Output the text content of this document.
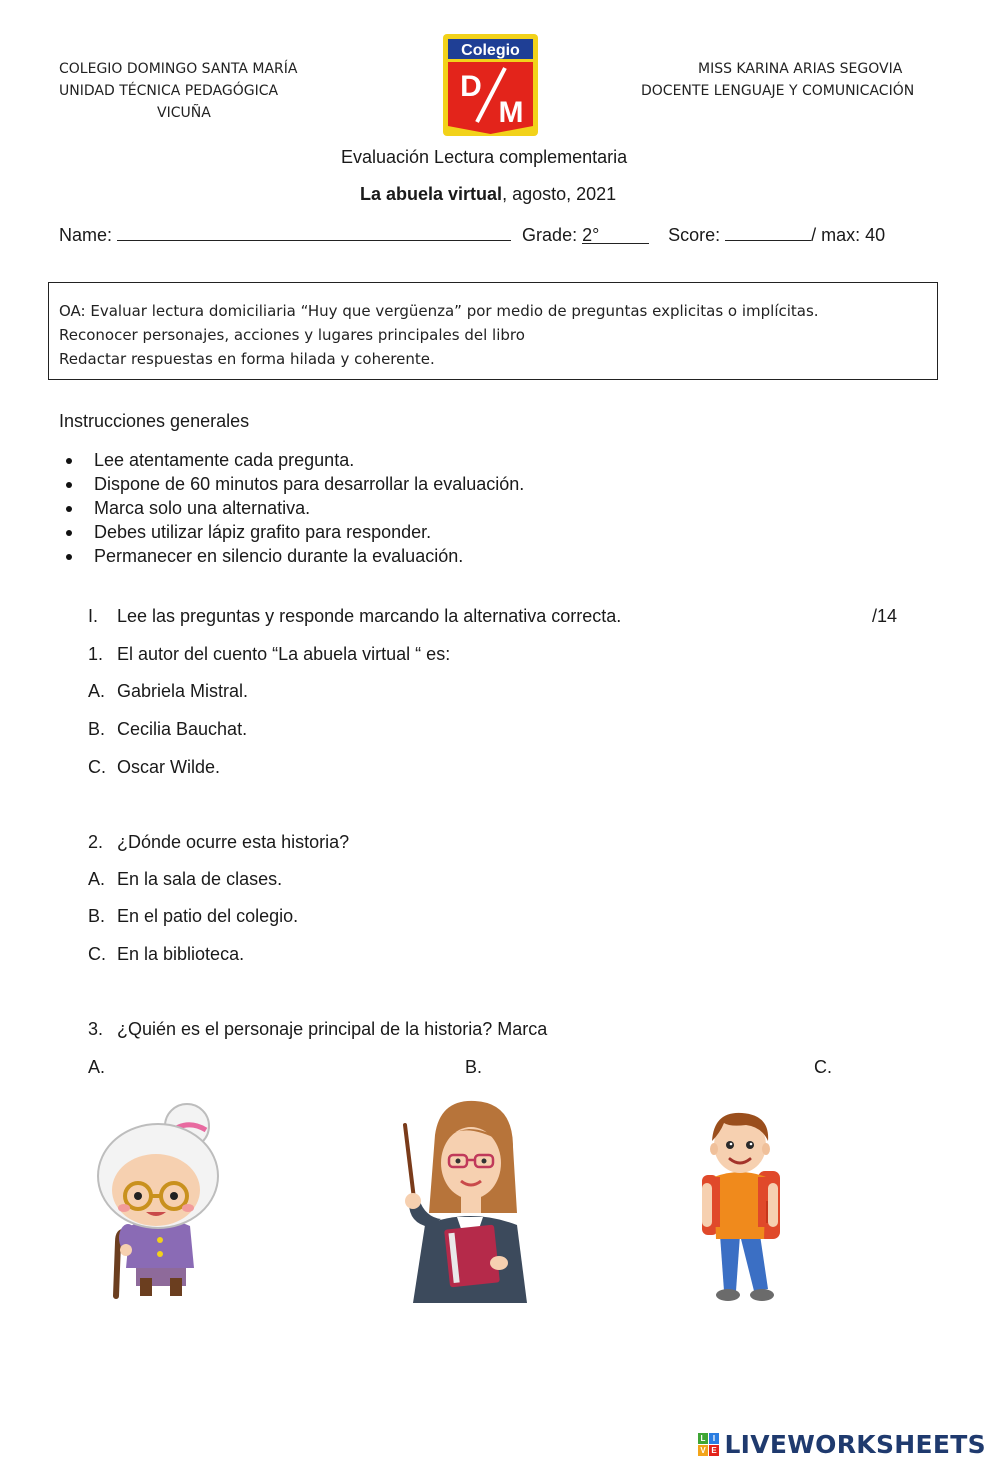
COLEGIO DOMINGO SANTA MARÍA
UNIDAD TÉCNICA PEDAGÓGICA
VICUÑA
MISS KARINA ARIAS SEGOVIA
DOCENTE LENGUAJE Y COMUNICACIÓN
Colegio
D
M
Evaluación Lectura complementaria
La abuela virtual, agosto, 2021
Name:	Grade: 2°	Score:	/ max: 40
OA: Evaluar lectura domiciliaria “Huy que vergüenza” por medio de preguntas explicitas o implícitas.
Reconocer personajes, acciones y lugares principales del libro
Redactar respuestas en forma hilada y coherente.
Instrucciones generales
Lee atentamente cada pregunta.
Dispone de 60 minutos para desarrollar la evaluación.
Marca solo una alternativa.
Debes utilizar lápiz grafito para responder.
Permanecer en silencio durante la evaluación.
I. Lee las preguntas y responde marcando la alternativa correcta.	/14
1. El autor del cuento “La abuela virtual “ es:
A. Gabriela Mistral.
B. Cecilia Bauchat.
C. Oscar Wilde.
2. ¿Dónde ocurre esta historia?
A. En la sala de clases.
B. En el patio del colegio.
C. En la biblioteca.
3. ¿Quién es el personaje principal de la historia? Marca
A.	B.	C.
L I
V E LIVEWORKSHEETS
